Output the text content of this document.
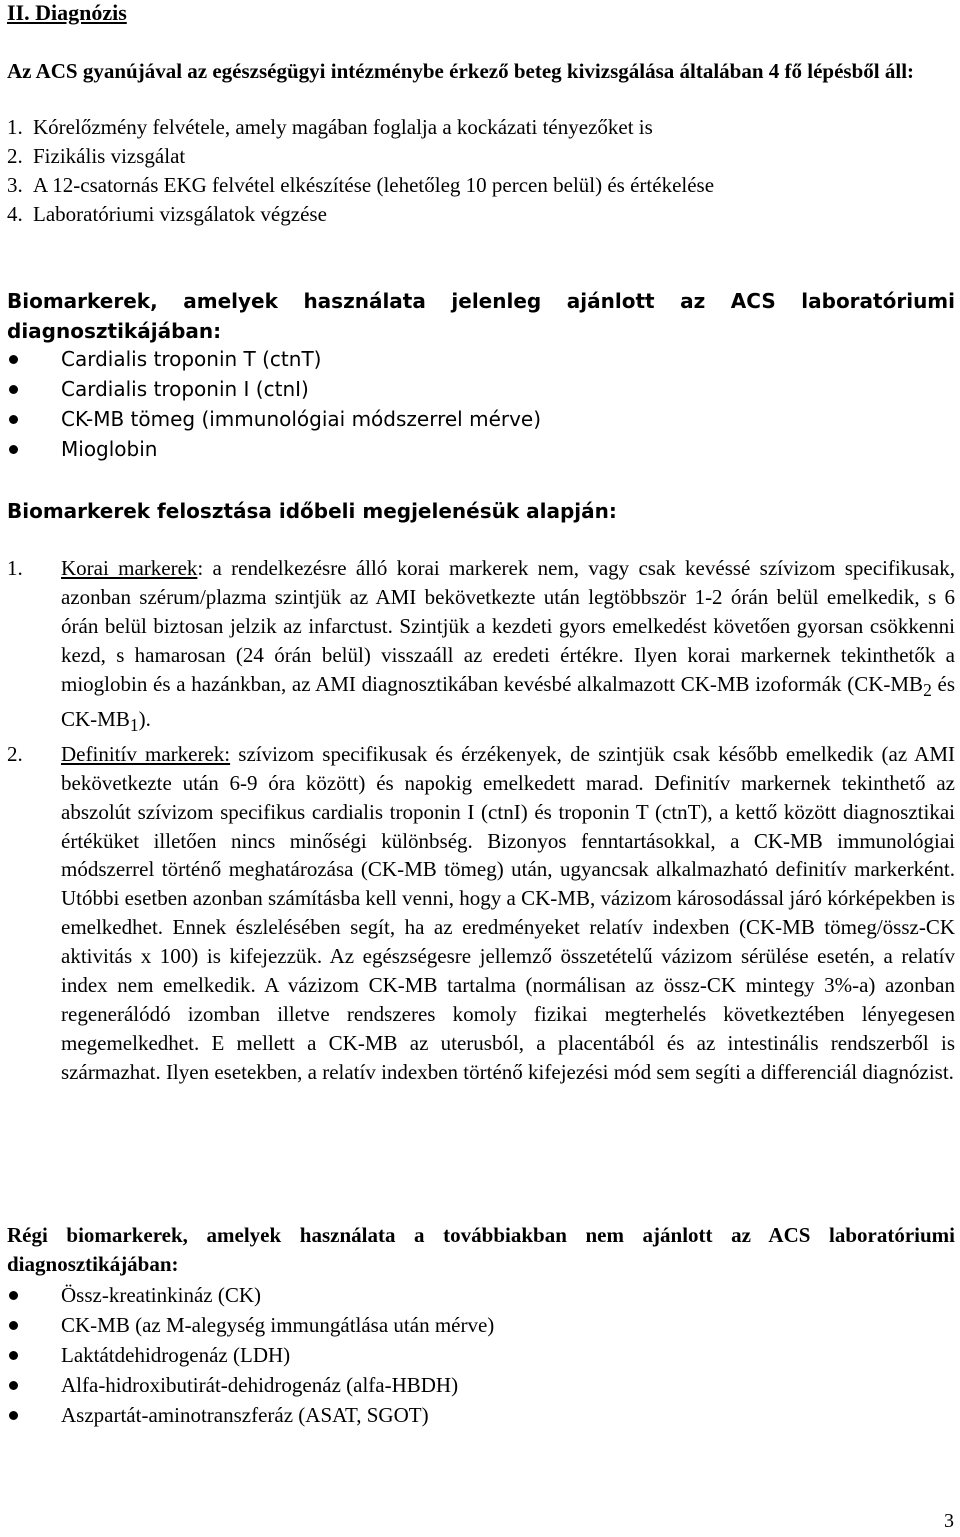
II. Diagnózis
Az ACS gyanújával az egészségügyi intézménybe érkező beteg kivizsgálása általában 4 fő lépésből áll:
1. Kórelőzmény felvétele, amely magában foglalja a kockázati tényezőket is
2. Fizikális vizsgálat
3. A 12-csatornás EKG felvétel elkészítése (lehetőleg 10 percen belül) és értékelése
4. Laboratóriumi vizsgálatok végzése
Biomarkerek, amelyek használata jelenleg ajánlott az ACS laboratóriumi diagnosztikájában:
Cardialis troponin T (ctnT)
Cardialis troponin I (ctnI)
CK-MB tömeg (immunológiai módszerrel mérve)
Mioglobin
Biomarkerek felosztása időbeli megjelenésük alapján:
1.	Korai markerek: a rendelkezésre álló korai markerek nem, vagy csak kevéssé szívizom specifikusak, azonban szérum/plazma szintjük az AMI bekövetkezte után legtöbbször 1-2 órán belül emelkedik, s 6 órán belül biztosan jelzik az infarctust. Szintjük a kezdeti gyors emelkedést követően gyorsan csökkenni kezd, s hamarosan (24 órán belül) visszaáll az eredeti értékre. Ilyen korai markernek tekinthetők a mioglobin és a hazánkban, az AMI diagnosztikában kevésbé alkalmazott CK-MB izoformák ($CK-MB_2$ és $CK-MB_1$).
2.	Definitív markerek: szívizom specifikusak és érzékenyek, de szintjük csak később emelkedik (az AMI bekövetkezte után 6-9 óra között) és napokig emelkedett marad. Definitív markernek tekinthető az abszolút szívizom specifikus cardialis troponin I (ctnI) és troponin T (ctnT), a kettő között diagnosztikai értéküket illetően nincs minőségi különbség. Bizonyos fenntartásokkal, a CK-MB immunológiai módszerrel történő meghatározása (CK-MB tömeg) után, ugyancsak alkalmazható definitív markerként. Utóbbi esetben azonban számításba kell venni, hogy a CK-MB, vázizom károsodással járó kórképekben is emelkedhet. Ennek észlelésében segít, ha az eredményeket relatív indexben (CK-MB tömeg/össz-CK aktivitás x 100) is kifejezzük. Az egészségesre jellemző összetételű vázizom sérülése esetén, a relatív index nem emelkedik. A vázizom CK-MB tartalma (normálisan az össz-CK mintegy 3%-a) azonban regenerálódó izomban illetve rendszeres komoly fizikai megterhelés következtében lényegesen megemelkedhet. E mellett a CK-MB az uterusból, a placentából és az intestinális rendszerből is származhat. Ilyen esetekben, a relatív indexben történő kifejezési mód sem segíti a differenciál diagnózist.
Régi biomarkerek, amelyek használata a továbbiakban nem ajánlott az ACS laboratóriumi diagnosztikájában:
Össz-kreatinkináz (CK)
CK-MB (az M-alegység immungátlása után mérve)
Laktátdehidrogenáz (LDH)
Alfa-hidroxibutirát-dehidrogenáz (alfa-HBDH)
Aszpartát-aminotranszferáz (ASAT, SGOT)
3
